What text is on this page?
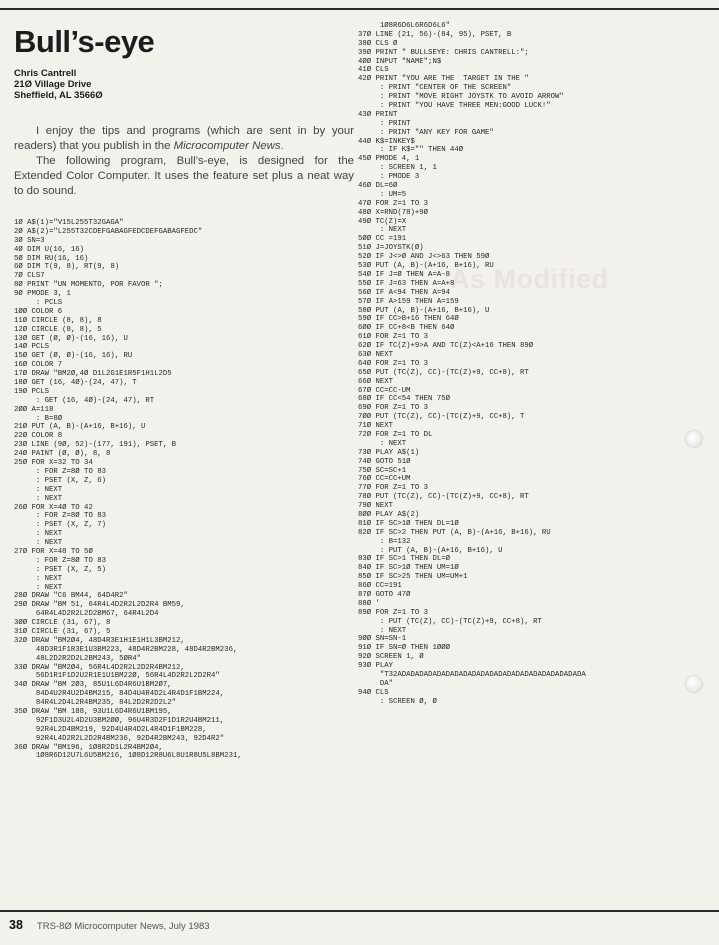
As Modified
Bull’s-eye
Chris Cantrell
21Ø Village Drive
Sheffield, AL 3566Ø

I enjoy the tips and programs (which are sent in by your readers) that you publish in the Microcomputer News.

The following program, Bull’s-eye, is designed for the Extended Color Computer. It uses the feature set plus a neat way to do sound.

1Ø A$(1)="V15L255T32GAGA"
2Ø A$(2)="L255T32CDEFGABAGFEDCDEFGABAGFEDC"
3Ø SN=3
4Ø DIM U(16, 16)
5Ø DIM RU(16, 16)
6Ø DIM T(9, 8), RT(9, 8)
7Ø CLS7
8Ø PRINT "UN MOMENTO, POR FAVOR ";
9Ø PMODE 3, 1
: PCLS
1ØØ COLOR 6
11Ø CIRCLE (8, 8), 8
12Ø CIRCLE (8, 8), 5
13Ø GET (Ø, Ø)-(16, 16), U
14Ø PCLS
15Ø GET (Ø, Ø)-(16, 16), RU
16Ø COLOR 7
17Ø DRAW "BM2Ø,4Ø D1L2G1E1R5F1H1L2D5
18Ø GET (16, 4Ø)-(24, 47), T
19Ø PCLS
: GET (16, 4Ø)-(24, 47), RT
2ØØ A=118
: B=8Ø
21Ø PUT (A, B)-(A+16, B+16), U
22Ø COLOR 8
23Ø LINE (9Ø, 52)-(177, 191), PSET, B
24Ø PAINT (Ø, Ø), 8, 8
25Ø FOR X=32 TO 34
: FOR Z=8Ø TO 83
: PSET (X, Z, 6)
: NEXT
: NEXT
26Ø FOR X=4Ø TO 42
: FOR Z=8Ø TO 83
: PSET (X, Z, 7)
: NEXT
: NEXT
27Ø FOR X=48 TO 5Ø
: FOR Z=8Ø TO 83
: PSET (X, Z, 5)
: NEXT
: NEXT
28Ø DRAW "C6 BM44, 64D4R2"
29Ø DRAW "BM 51, 64R4L4D2R2L2D2R4 BM59,
64R4L4D2R2L2D2BM67, 64R4L2D4
3ØØ CIRCLE (31, 67), 8
31Ø CIRCLE (31, 67), 5
32Ø DRAW "BM2Ø4, 48D4R3E1H1E1H1L3BM212,
48D3R1F1R3E1U3BM223, 48D4R2BM228, 48D4R2BM236,
48L2D2R2D2L2BM243, 5ØR4"
33Ø DRAW "BM2Ø4, 56R4L4D2R2L2D2R4BM212,
56D1R1F1D2U2R1E1U1BM22Ø, 56R4L4D2R2L2D2R4"
34Ø DRAW "BM 2Ø3, 85U1L6D4R6U1BM2Ø7,
84D4U2R4U2D4BM215, 84D4U4R4D2L4R4D1F1BM224,
84R4L2D4L2R4BM235, 84L2D2R2D2L2"
35Ø DRAW "BM 188, 93U1L6D4R6U1BM195,
92F1D3U2L4D2U3BM2ØØ, 96U4R3D2F1D1R2U4BM211,
92R4L2D4BM219, 92D4U4R4D2L4R4D1F1BM228,
92R4L4D2R2L2D2R4BM236, 92D4R2BM243, 92D4R2"
36Ø DRAW "BM196, 1Ø8R2D1L2R4BM2Ø4,
1Ø8R6D12U7L6U5BM216, 1Ø8D12R8U6L8U1R8U5L8BM231,
1Ø8R6D6L6R6D6L6"
37Ø LINE (21, 56)-(84, 95), PSET, B
38Ø CLS Ø
39Ø PRINT " BULLSEYE: CHRIS CANTRELL:";
4ØØ INPUT "NAME";N$
41Ø CLS
42Ø PRINT "YOU ARE THE  TARGET IN THE "
: PRINT "CENTER OF THE SCREEN"
: PRINT "MOVE RIGHT JOYSTK TO AVOID ARROW"
: PRINT "YOU HAVE THREE MEN:GOOD LUCK!"
43Ø PRINT
: PRINT
: PRINT "ANY KEY FOR GAME"
44Ø K$=INKEY$
: IF K$="" THEN 44Ø
45Ø PMODE 4, 1
: SCREEN 1, 1
: PMODE 3
46Ø DL=6Ø
: UM=5
47Ø FOR Z=1 TO 3
48Ø X=RND(78)+9Ø
49Ø TC(Z)=X
: NEXT
5ØØ CC =191
51Ø J=JOYSTK(Ø)
52Ø IF J<>Ø AND J<>63 THEN 59Ø
53Ø PUT (A, B)-(A+16, B+16), RU
54Ø IF J=Ø THEN A=A-8
55Ø IF J=63 THEN A=A+8
56Ø IF A<94 THEN A=94
57Ø IF A>159 THEN A=159
58Ø PUT (A, B)-(A+16, B+16), U
59Ø IF CC>B+16 THEN 64Ø
6ØØ IF CC+8<B THEN 64Ø
61Ø FOR Z=1 TO 3
62Ø IF TC(Z)+9>A AND TC(Z)<A+16 THEN 89Ø
63Ø NEXT
64Ø FOR Z=1 TO 3
65Ø PUT (TC(Z), CC)-(TC(Z)+9, CC+8), RT
66Ø NEXT
67Ø CC=CC-UM
68Ø IF CC<54 THEN 75Ø
69Ø FOR Z=1 TO 3
7ØØ PUT (TC(Z), CC)-(TC(Z)+9, CC+8), T
71Ø NEXT
72Ø FOR Z=1 TO DL
: NEXT
73Ø PLAY A$(1)
74Ø GOTO 51Ø
75Ø SC=SC+1
76Ø CC=CC+UM
77Ø FOR Z=1 TO 3
78Ø PUT (TC(Z), CC)-(TC(Z)+9, CC+8), RT
79Ø NEXT
8ØØ PLAY A$(2)
81Ø IF SC>1Ø THEN DL=1Ø
82Ø IF SC>2 THEN PUT (A, B)-(A+16, B+16), RU
: B=132
: PUT (A, B)-(A+16, B+16), U
83Ø IF SC>1 THEN DL=Ø
84Ø IF SC>1Ø THEN UM=1Ø
85Ø IF SC>25 THEN UM=UM+1
86Ø CC=191
87Ø GOTO 47Ø
88Ø '
89Ø FOR Z=1 TO 3
: PUT (TC(Z), CC)-(TC(Z)+9, CC+8), RT
: NEXT
9ØØ SN=SN-1
91Ø IF SN=Ø THEN 1ØØØ
92Ø SCREEN 1, Ø
93Ø PLAY
"T32ADADADADADADADADADADADADADADADADADADADADADA
DA"
94Ø CLS
: SCREEN Ø, Ø
38 TRS-8Ø Microcomputer News, July 1983
